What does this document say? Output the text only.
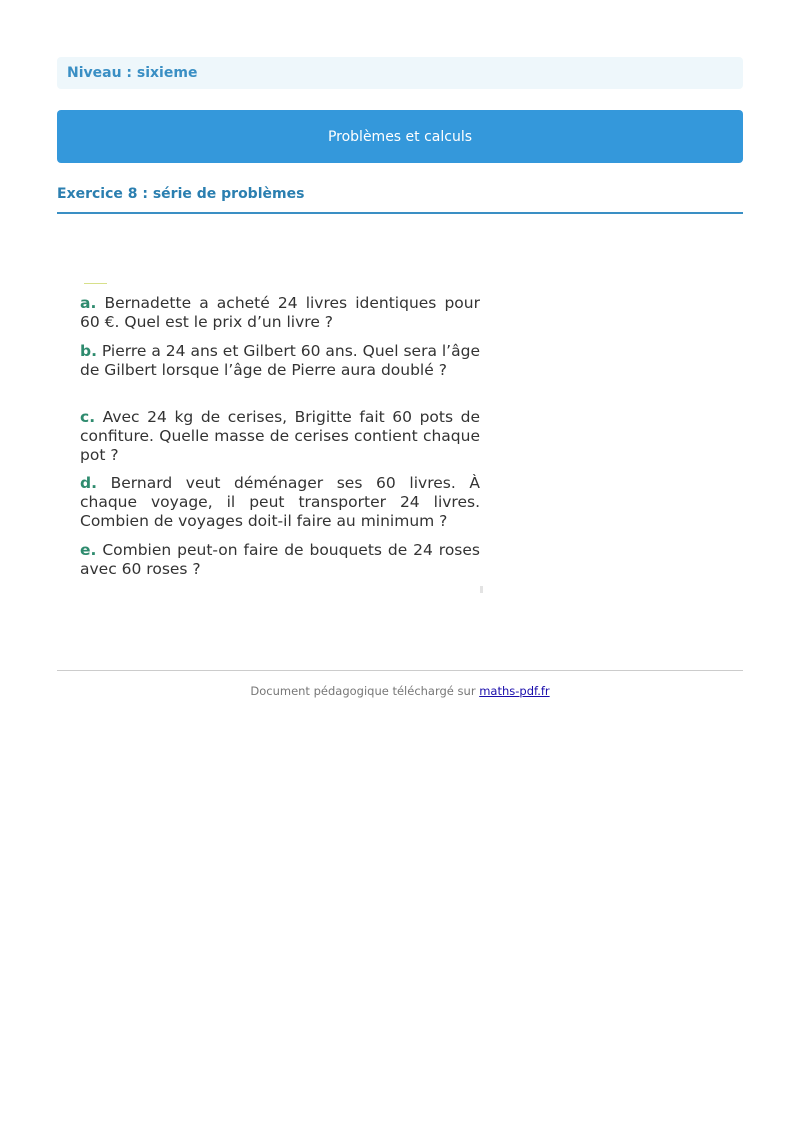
Niveau : sixieme
Problèmes et calculs
Exercice 8 : série de problèmes

a. Bernadette a acheté 24 livres identiques pour 60 €. Quel est le prix d’un livre ?

b. Pierre a 24 ans et Gilbert 60 ans. Quel sera l’âge de Gilbert lorsque l’âge de Pierre aura doublé ?

c. Avec 24 kg de cerises, Brigitte fait 60 pots de confiture. Quelle masse de cerises contient chaque pot ?

d. Bernard veut déménager ses 60 livres. À chaque voyage, il peut transporter 24 livres. Combien de voyages doit-il faire au minimum ?

e. Combien peut-on faire de bouquets de 24 roses avec 60 roses ?

Document pédagogique téléchargé sur maths-pdf.fr
